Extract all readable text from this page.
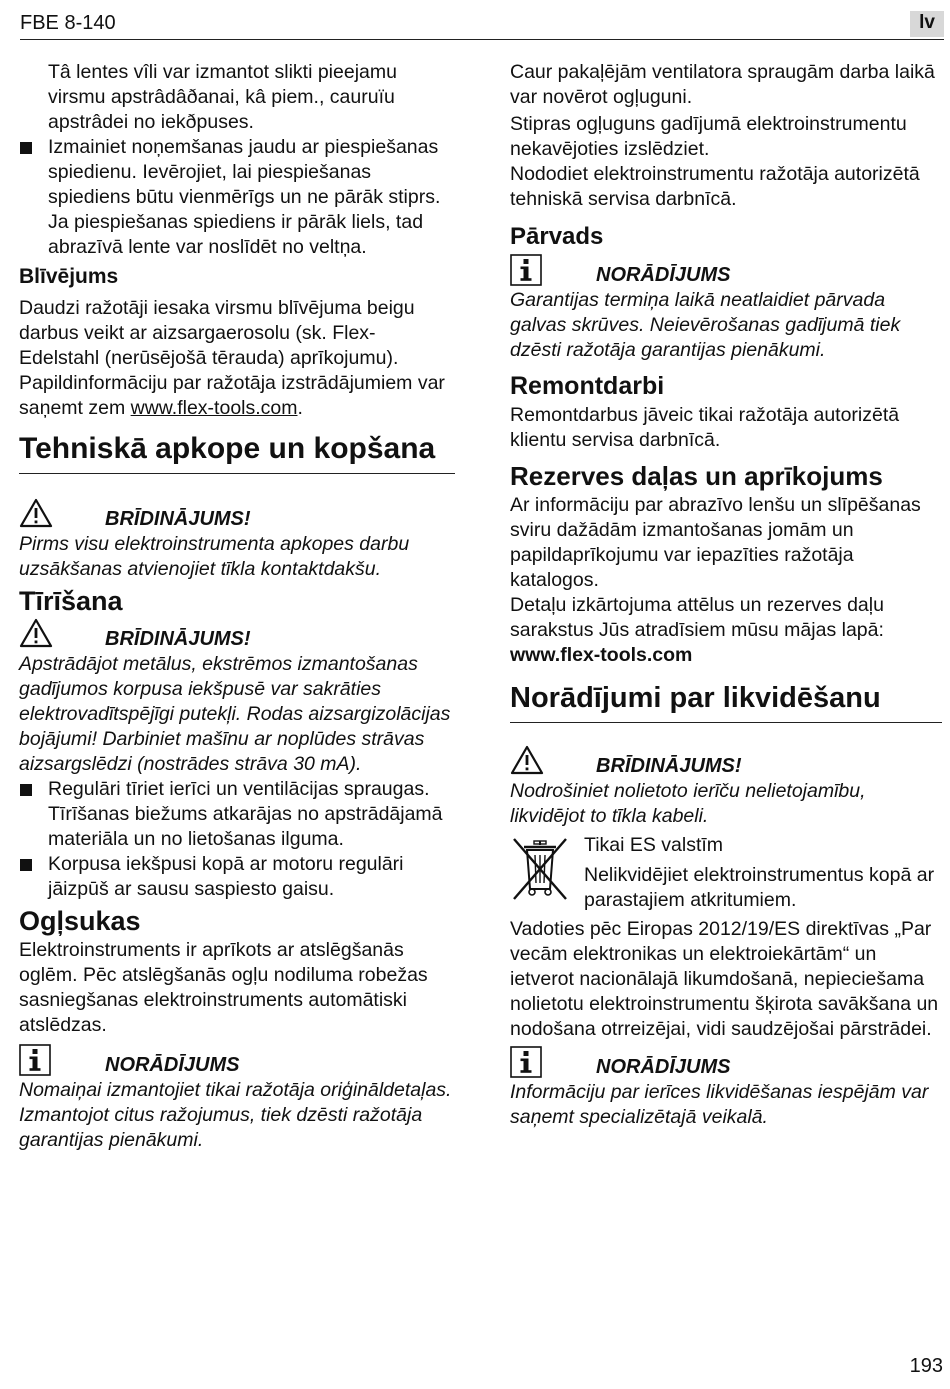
FBE 8-140	lv

Tâ lentes vîli var izmantot slikti pieejamu virsmu apstrâdâðanai, kâ piem., cauruïu apstrâdei no iekðpuses.

Izmainiet noņemšanas jaudu ar piespiešanas spiedienu. Ievērojiet, lai piespiešanas spiediens būtu vienmērīgs un ne pārāk stiprs. Ja piespiešanas spiediens ir pārāk liels, tad abrazīvā lente var noslīdēt no veltņa.
Blīvējums

Daudzi ražotāji iesaka virsmu blīvējuma beigu darbus veikt ar aizsargaerosolu (sk. Flex-Edelstahl (nerūsējošā tērauda) aprīkojumu).

Papildinformāciju par ražotāja izstrādājumiem var saņemt zem www.flex-tools.com.

Tehniskā apkope un kopšana
BRĪDINĀJUMS!

Pirms visu elektroinstrumenta apkopes darbu uzsākšanas atvienojiet tīkla kontaktdakšu.

Tīrīšana
BRĪDINĀJUMS!

Apstrādājot metālus, ekstrēmos izmantošanas gadījumos korpusa iekšpusē var sakrāties elektrovadītspējīgi putekļi. Rodas aizsargizolācijas bojājumi! Darbiniet mašīnu ar noplūdes strāvas aizsargslēdzi (nostrādes strāva 30 mA).

Regulāri tīriet ierīci un ventilācijas spraugas. Tīrīšanas biežums atkarājas no apstrādājamā materiāla un no lietošanas ilguma.
Korpusa iekšpusi kopā ar motoru regulāri jāizpūš ar sausu saspiesto gaisu.
Ogļsukas

Elektroinstruments ir aprīkots ar atslēgšanās oglēm. Pēc atslēgšanās ogļu nodiluma robežas sasniegšanas elektroinstruments automātiski atslēdzas.

NORĀDĪJUMS

Nomaiņai izmantojiet tikai ražotāja oriģināldetaļas. Izmantojot citus ražojumus, tiek dzēsti ražotāja garantijas pienākumi.

Caur pakaļējām ventilatora spraugām darba laikā var novērot ogļuguni.

Stipras ogļuguns gadījumā elektroinstrumentu nekavējoties izslēdziet.

Nododiet elektroinstrumentu ražotāja autorizētā tehniskā servisa darbnīcā.

Pārvads
NORĀDĪJUMS

Garantijas termiņa laikā neatlaidiet pārvada galvas skrūves. Neievērošanas gadījumā tiek dzēsti ražotāja garantijas pienākumi.

Remontdarbi

Remontdarbus jāveic tikai ražotāja autorizētā klientu servisa darbnīcā.

Rezerves daļas un aprīkojums

Ar informāciju par abrazīvo lenšu un slīpēšanas sviru dažādām izmantošanas jomām un papildaprīkojumu var iepazīties ražotāja katalogos.

Detaļu izkārtojuma attēlus un rezerves daļu sarakstus Jūs atradīsiem mūsu mājas lapā:

www.flex-tools.com

Norādījumi par likvidēšanu
BRĪDINĀJUMS!

Nodrošiniet nolietoto ierīču nelietojamību, likvidējot to tīkla kabeli.

Tikai ES valstīm

Nelikvidējiet elektroinstrumentus kopā ar parastajiem atkritumiem.

Vadoties pēc Eiropas 2012/19/ES direktīvas „Par vecām elektronikas un elektroiekārtām“ un ietverot nacionālajā likumdošanā, nepieciešama nolietotu elektroinstrumentu šķirota savākšana un nodošana otrreizējai, vidi saudzējošai pārstrādei.

NORĀDĪJUMS

Informāciju par ierīces likvidēšanas iespējām var saņemt specializētajā veikalā.

193
